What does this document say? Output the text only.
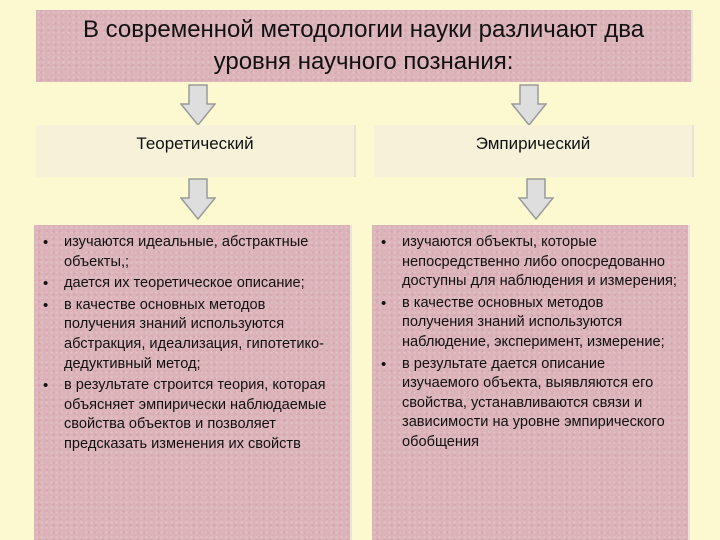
В современной методологии науки различают два уровня научного познания:
Теоретический	Эмпирический
• изучаются идеальные, абстрактные объекты,;
• дается их теоретическое описание;
• в качестве основных методов получения знаний используются абстракция, идеализация, гипотетико-дедуктивный метод;
• в результате строится теория, которая объясняет эмпирически наблюдаемые свойства объектов и позволяет предсказать изменения их свойств
• изучаются объекты, которые непосредственно либо опосредованно доступны для наблюдения и измерения;
• в качестве основных методов получения знаний используются наблюдение, эксперимент, измерение;
• в результате дается описание изучаемого объекта, выявляются его свойства, устанавливаются связи и зависимости на уровне эмпирического обобщения
